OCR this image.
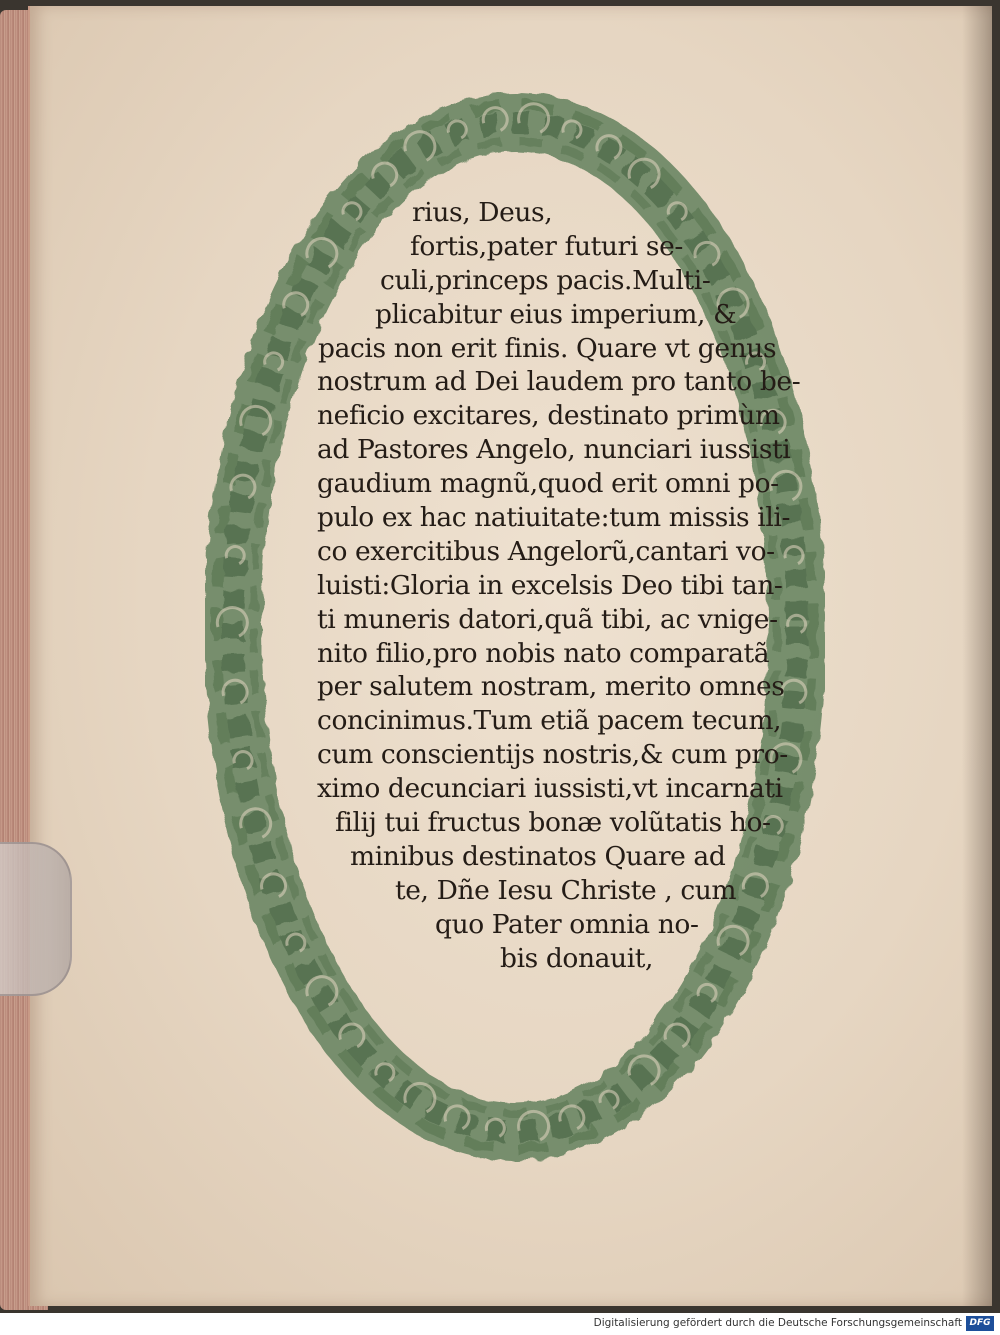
rius, Deus,
fortis,pater futuri se-
culi,princeps pacis.Multi-
plicabitur eius imperium, &
pacis non erit finis. Quare vt genus
nostrum ad Dei laudem pro tanto be-
neficio excitares, destinato primùm
ad Pastores Angelo, nunciari iussisti
gaudium magnũ,quod erit omni po-
pulo ex hac natiuitate:tum missis ili-
co exercitibus Angelorũ,cantari vo-
luisti:Gloria in excelsis Deo tibi tan-
ti muneris datori,quã tibi, ac vnige-
nito filio,pro nobis nato comparatã
per salutem nostram, merito omnes
concinimus.Tum etiã pacem tecum,
cum conscientijs nostris,& cum pro-
ximo decunciari iussisti,vt incarnati
filij tui fructus bonæ volũtatis ho-
minibus destinatos Quare ad
te, Dñe Iesu Christe , cum
quo Pater omnia no-
bis donauit,
Digitalisierung gefördert durch die Deutsche Forschungsgemeinschaft DFG
